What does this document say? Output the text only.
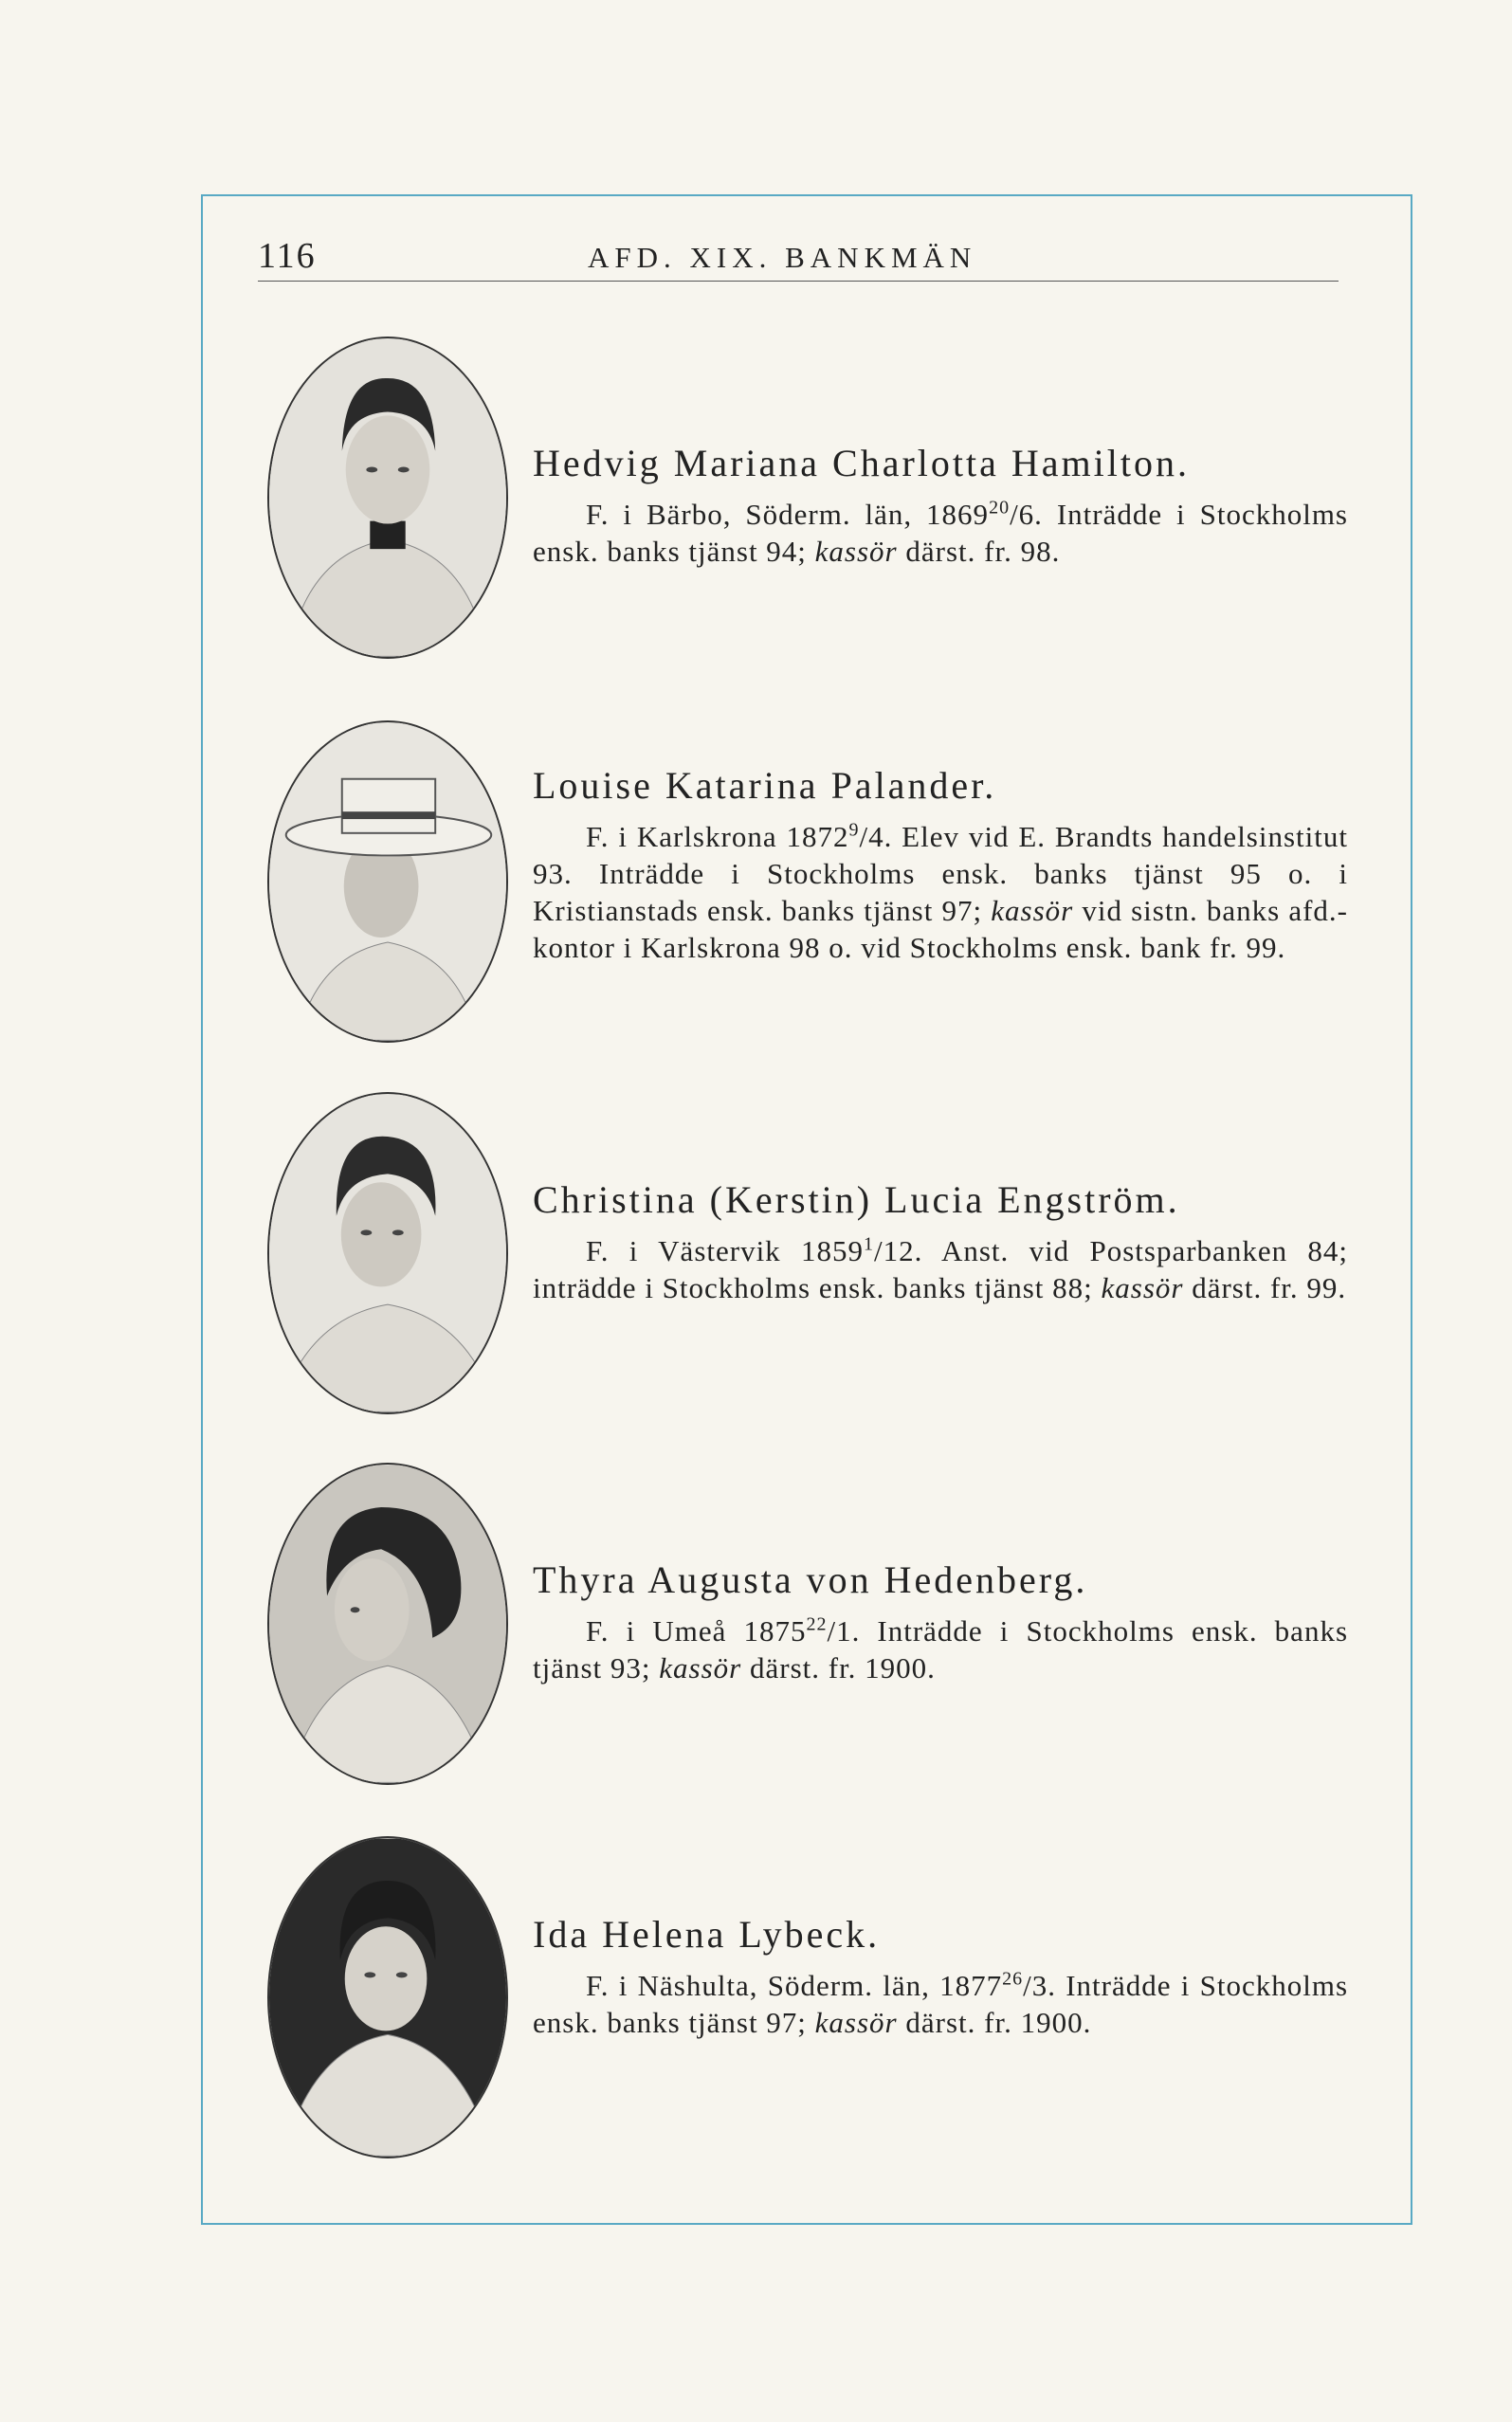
116	AFD. XIX. BANKMÄN

Hedvig Mariana Charlotta Hamilton.

F. i Bärbo, Söderm. län, 1869$^{20}$/6. Inträdde i Stockholms ensk. banks tjänst 94; kassör därst. fr. 98.

Louise Katarina Palander.

F. i Karlskrona 1872$^9$/4. Elev vid E. Brandts handelsinstitut 93. Inträdde i Stockholms ensk. banks tjänst 95 o. i Kristianstads ensk. banks tjänst 97; kassör vid sistn. banks afd.-kontor i Karlskrona 98 o. vid Stockholms ensk. bank fr. 99.

Christina (Kerstin) Lucia Engström.

F. i Västervik 1859$^1$/12. Anst. vid Postsparbanken 84; inträdde i Stockholms ensk. banks tjänst 88; kassör därst. fr. 99.

Thyra Augusta von Hedenberg.

F. i Umeå 1875$^{22}$/1. Inträdde i Stockholms ensk. banks tjänst 93; kassör därst. fr. 1900.

Ida Helena Lybeck.

F. i Näshulta, Söderm. län, 1877$^{26}$/3. Inträdde i Stockholms ensk. banks tjänst 97; kassör därst. fr. 1900.
